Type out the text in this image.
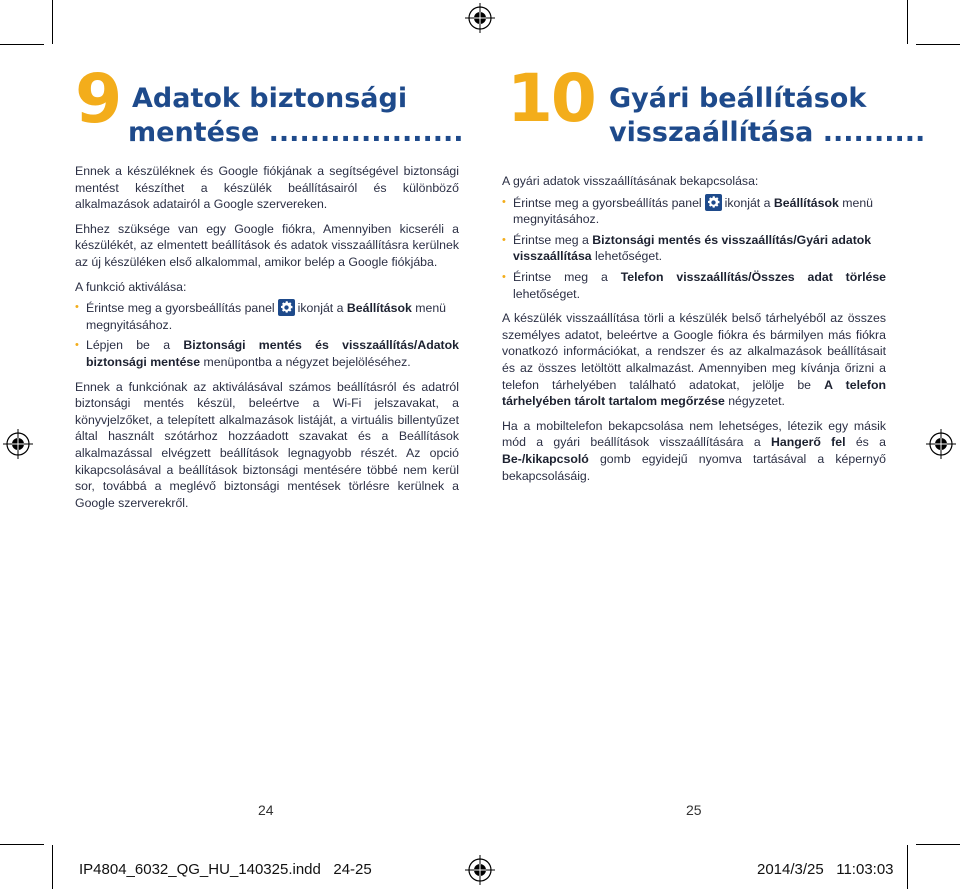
9 Adatok biztonsági
mentése ...................

Ennek a készüléknek és Google fiókjának a segítségével biztonsági mentést készíthet a készülék beállításairól és különböző alkalmazások adatairól a Google szervereken.

Ehhez szüksége van egy Google fiókra, Amennyiben kicseréli a készülékét, az elmentett beállítások és adatok visszaállításra kerülnek az új készüléken első alkalommal, amikor belép a Google fiókjába.

A funkció aktiválása:

• Érintse meg a gyorsbeállítás panel ikonját a Beállítások menü megnyitásához.
• Lépjen be a Biztonsági mentés és visszaállítás/Adatok biztonsági mentése menüpontba a négyzet bejelöléséhez.

Ennek a funkciónak az aktiválásával számos beállításról és adatról biztonsági mentés készül, beleértve a Wi-Fi jelszavakat, a könyvjelzőket, a telepített alkalmazások listáját, a virtuális billentyűzet által használt szótárhoz hozzáadott szavakat és a Beállítások alkalmazással elvégzett beállítások legnagyobb részét. Az opció kikapcsolásával a beállítások biztonsági mentésére többé nem kerül sor, továbbá a meglévő biztonsági mentések törlésre kerülnek a Google szerverekről.

24
10 Gyári beállítások
visszaállítása ..........

A gyári adatok visszaállításának bekapcsolása:

• Érintse meg a gyorsbeállítás panel ikonját a Beállítások menü megnyitásához.
• Érintse meg a Biztonsági mentés és visszaállítás/Gyári adatok visszaállítása lehetőséget.
• Érintse meg a Telefon visszaállítás/Összes adat törlése lehetőséget.

A készülék visszaállítása törli a készülék belső tárhelyéből az összes személyes adatot, beleértve a Google fiókra és bármilyen más fiókra vonatkozó információkat, a rendszer és az alkalmazások beállításait és az összes letöltött alkalmazást. Amennyiben meg kívánja őrizni a telefon tárhelyében található adatokat, jelölje be A telefon tárhelyében tárolt tartalom megőrzése négyzetet.

Ha a mobiltelefon bekapcsolása nem lehetséges, létezik egy másik mód a gyári beállítások visszaállítására a Hangerő fel és a Be-/kikapcsoló gomb egyidejű nyomva tartásával a képernyő bekapcsolásáig.

25
IP4804_6032_QG_HU_140325.indd   24-25	2014/3/25   11:03:03
